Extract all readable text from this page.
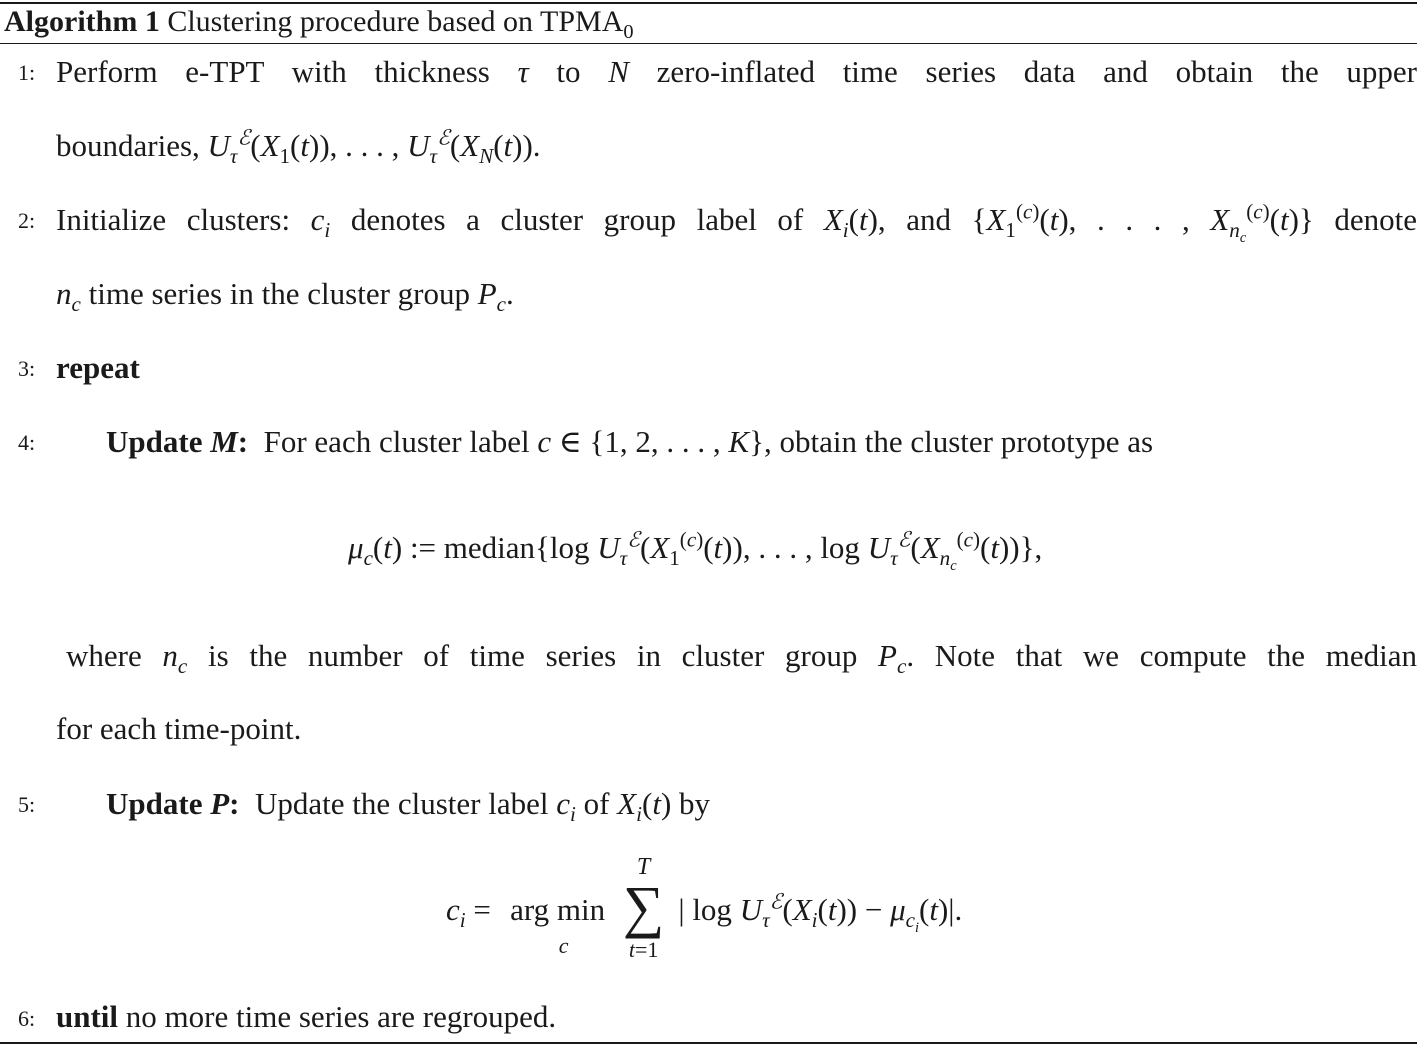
Algorithm 1 Clustering procedure based on $TPMA_0$
1: Perform e-TPT with thickness τ to N zero-inflated time series data and obtain the upper
boundaries, $U_\tau^ℰ(X_1(t))$, . . . , $U_\tau^ℰ(X_N(t))$.
2: Initialize clusters: $c_i$ denotes a cluster group label of $X_i(t)$, and {$X_1^{(c)}(t)$, . . . , $X_{n_c}^{(c)}(t)$} denote
$n_c$ time series in the cluster group $P_c$.
3: repeat
4: Update M:  For each cluster label c ∈ {1, 2, . . . , K}, obtain the cluster prototype as
$\mu_c(t)$ := median{log $U_\tau^ℰ(X_1^{(c)}(t))$, . . . , $\log U_\tau^ℰ(X_{n_c}^{(c)}(t))$},
where $n_c$ is the number of time series in cluster group $P_c$. Note that we compute the median
for each time-point.
5: Update P:  Update the cluster label $c_i$ of $X_i(t)$ by
$c_i$ = arg min
c
T
∑
t=1
| $\log U_\tau^ℰ(X_i(t)) - \mu_{c_i}(t)|$.
6: until no more time series are regrouped.
